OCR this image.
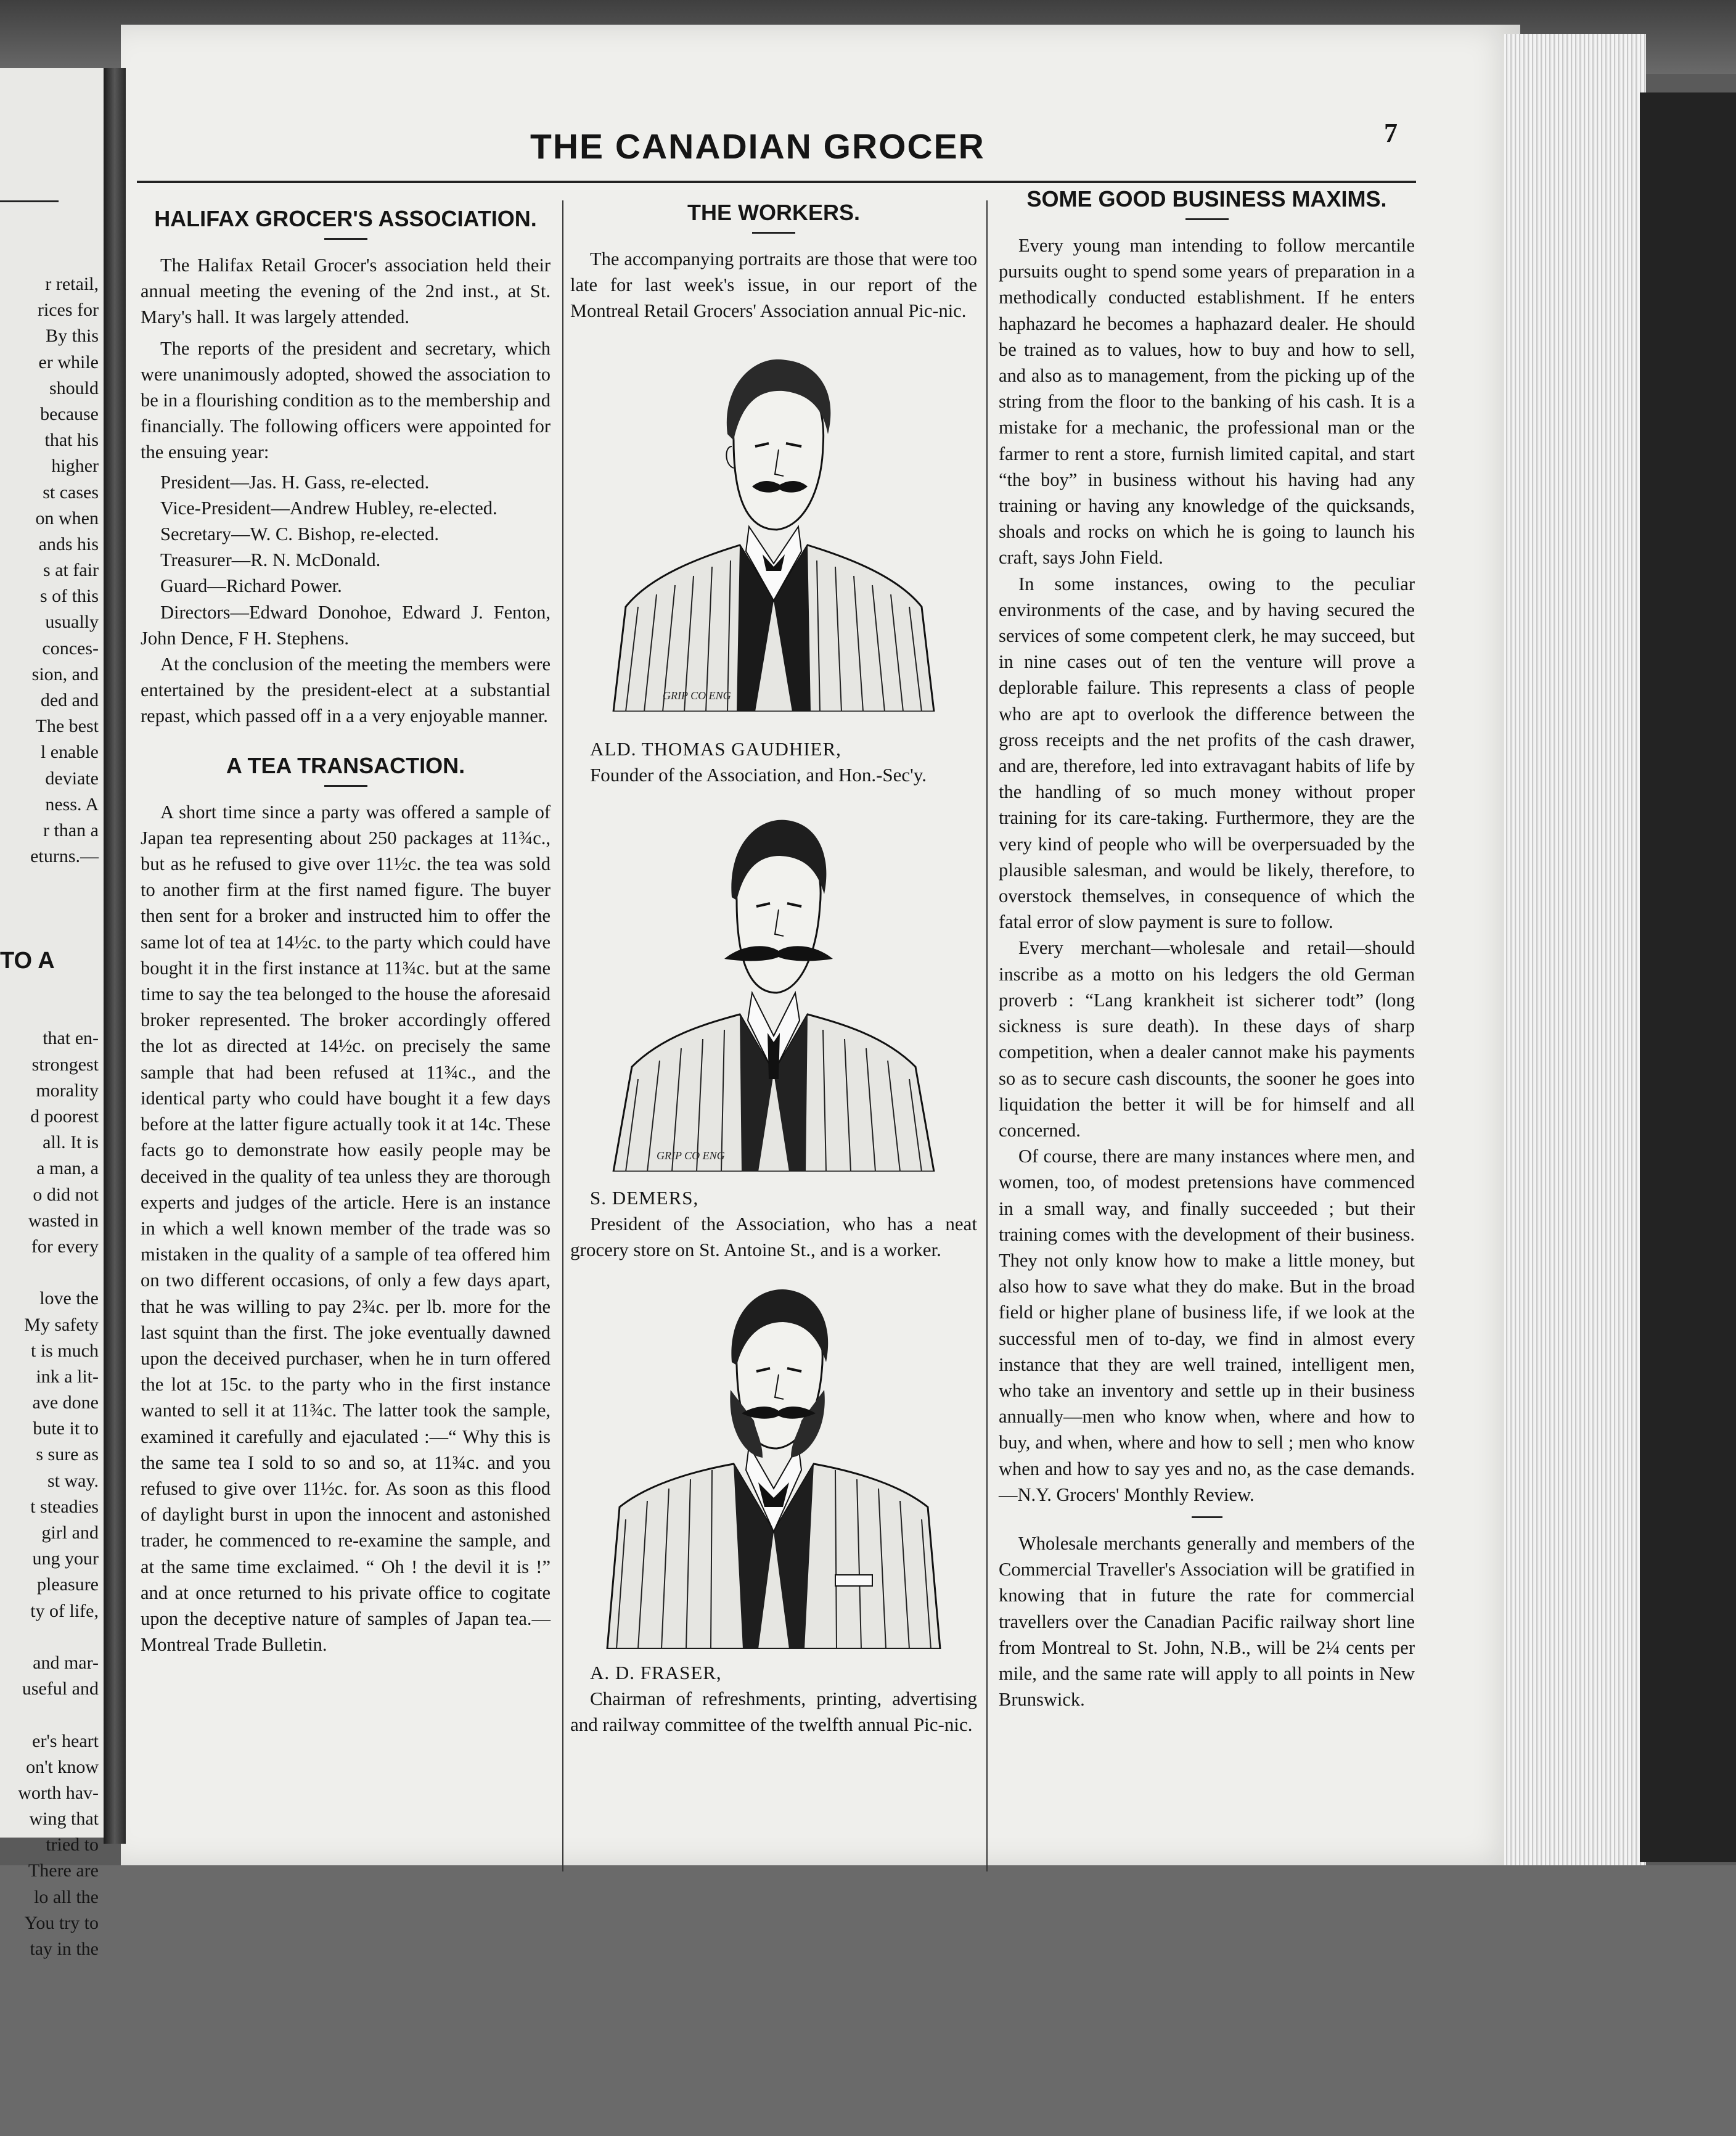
r retail,
rices for
By this
er while
should
because
that his
higher
st cases
on when
ands his
s at fair
s of this
usually
conces-
sion, and
ded and
The best
l enable
deviate
ness. A
r than a
eturns.—
TO A
that en-
strongest
morality
d poorest
all. It is
a man, a
o did not
wasted in
for every
love the
My safety
t is much
ink a lit-
ave done
bute it to
s sure as
st way.
t steadies
girl and
ung your
pleasure
ty of life,
and mar-
useful and
er's heart
on't know
worth hav-
wing that
tried to
There are
lo all the
You try to
tay in the
THE CANADIAN GROCER	7
HALIFAX GROCER'S ASSOCIATION.

The Halifax Retail Grocer's association held their annual meeting the evening of the 2nd inst., at St. Mary's hall. It was largely attended.

The reports of the president and secretary, which were unanimously adopted, showed the association to be in a flourishing condition as to the membership and financially. The following officers were appointed for the ensuing year:

President—Jas. H. Gass, re-elected.

Vice-President—Andrew Hubley, re-elected.

Secretary—W. C. Bishop, re-elected.

Treasurer—R. N. McDonald.

Guard—Richard Power.

Directors—Edward Donohoe, Edward J. Fenton, John Dence, F H. Stephens.

At the conclusion of the meeting the members were entertained by the president-elect at a substantial repast, which passed off in a a very enjoyable manner.

A TEA TRANSACTION.

A short time since a party was offered a sample of Japan tea representing about 250 packages at 11¾c., but as he refused to give over 11½c. the tea was sold to another firm at the first named figure. The buyer then sent for a broker and instructed him to offer the same lot of tea at 14½c. to the party which could have bought it in the first instance at 11¾c. but at the same time to say the tea belonged to the house the aforesaid broker represented. The broker accordingly offered the lot as directed at 14½c. on precisely the same sample that had been refused at 11¾c., and the identical party who could have bought it a few days before at the latter figure actually took it at 14c. These facts go to demonstrate how easily people may be deceived in the quality of tea unless they are thorough experts and judges of the article. Here is an instance in which a well known member of the trade was so mistaken in the quality of a sample of tea offered him on two different occasions, of only a few days apart, that he was willing to pay 2¾c. per lb. more for the last squint than the first. The joke eventually dawned upon the deceived purchaser, when he in turn offered the lot at 15c. to the party who in the first instance wanted to sell it at 11¾c. The latter took the sample, examined it carefully and ejaculated :—“ Why this is the same tea I sold to so and so, at 11¾c. and you refused to give over 11½c. for. As soon as this flood of daylight burst in upon the innocent and astonished trader, he commenced to re-examine the sample, and at the same time exclaimed. “ Oh ! the devil it is !” and at once returned to his private office to cogitate upon the deceptive nature of samples of Japan tea.—Montreal Trade Bulletin.

THE WORKERS.

The accompanying portraits are those that were too late for last week's issue, in our report of the Montreal Retail Grocers' Association annual Pic-nic.

GRIP CO ENG

ALD. THOMAS GAUDHIER,

Founder of the Association, and Hon.-Sec'y.

GRIP CO ENG

S. DEMERS,

President of the Association, who has a neat grocery store on St. Antoine St., and is a worker.

A. D. FRASER,

Chairman of refreshments, printing, advertising and railway committee of the twelfth annual Pic-nic.

SOME GOOD BUSINESS MAXIMS.

Every young man intending to follow mercantile pursuits ought to spend some years of preparation in a methodically conducted establishment. If he enters haphazard he becomes a haphazard dealer. He should be trained as to values, how to buy and how to sell, and also as to management, from the picking up of the string from the floor to the banking of his cash. It is a mistake for a mechanic, the professional man or the farmer to rent a store, furnish limited capital, and start “the boy” in business without his having had any training or having any knowledge of the quicksands, shoals and rocks on which he is going to launch his craft, says John Field.

In some instances, owing to the peculiar environments of the case, and by having secured the services of some competent clerk, he may succeed, but in nine cases out of ten the venture will prove a deplorable failure. This represents a class of people who are apt to overlook the difference between the gross receipts and the net profits of the cash drawer, and are, therefore, led into extravagant habits of life by the handling of so much money without proper training for its care-taking. Furthermore, they are the very kind of people who will be overpersuaded by the plausible salesman, and would be likely, therefore, to overstock themselves, in consequence of which the fatal error of slow payment is sure to follow.

Every merchant—wholesale and retail—should inscribe as a motto on his ledgers the old German proverb : “Lang krankheit ist sicherer todt” (long sickness is sure death). In these days of sharp competition, when a dealer cannot make his payments so as to secure cash discounts, the sooner he goes into liquidation the better it will be for himself and all concerned.

Of course, there are many instances where men, and women, too, of modest pretensions have commenced in a small way, and finally succeeded ; but their training comes with the development of their business. They not only know how to make a little money, but also how to save what they do make. But in the broad field or higher plane of business life, if we look at the successful men of to-day, we find in almost every instance that they are well trained, intelligent men, who take an inventory and settle up in their business annually—men who know when, where and how to buy, and when, where and how to sell ; men who know when and how to say yes and no, as the case demands.—N.Y. Grocers' Monthly Review.

Wholesale merchants generally and members of the Commercial Traveller's Association will be gratified in knowing that in future the rate for commercial travellers over the Canadian Pacific railway short line from Montreal to St. John, N.B., will be 2¼ cents per mile, and the same rate will apply to all points in New Brunswick.
